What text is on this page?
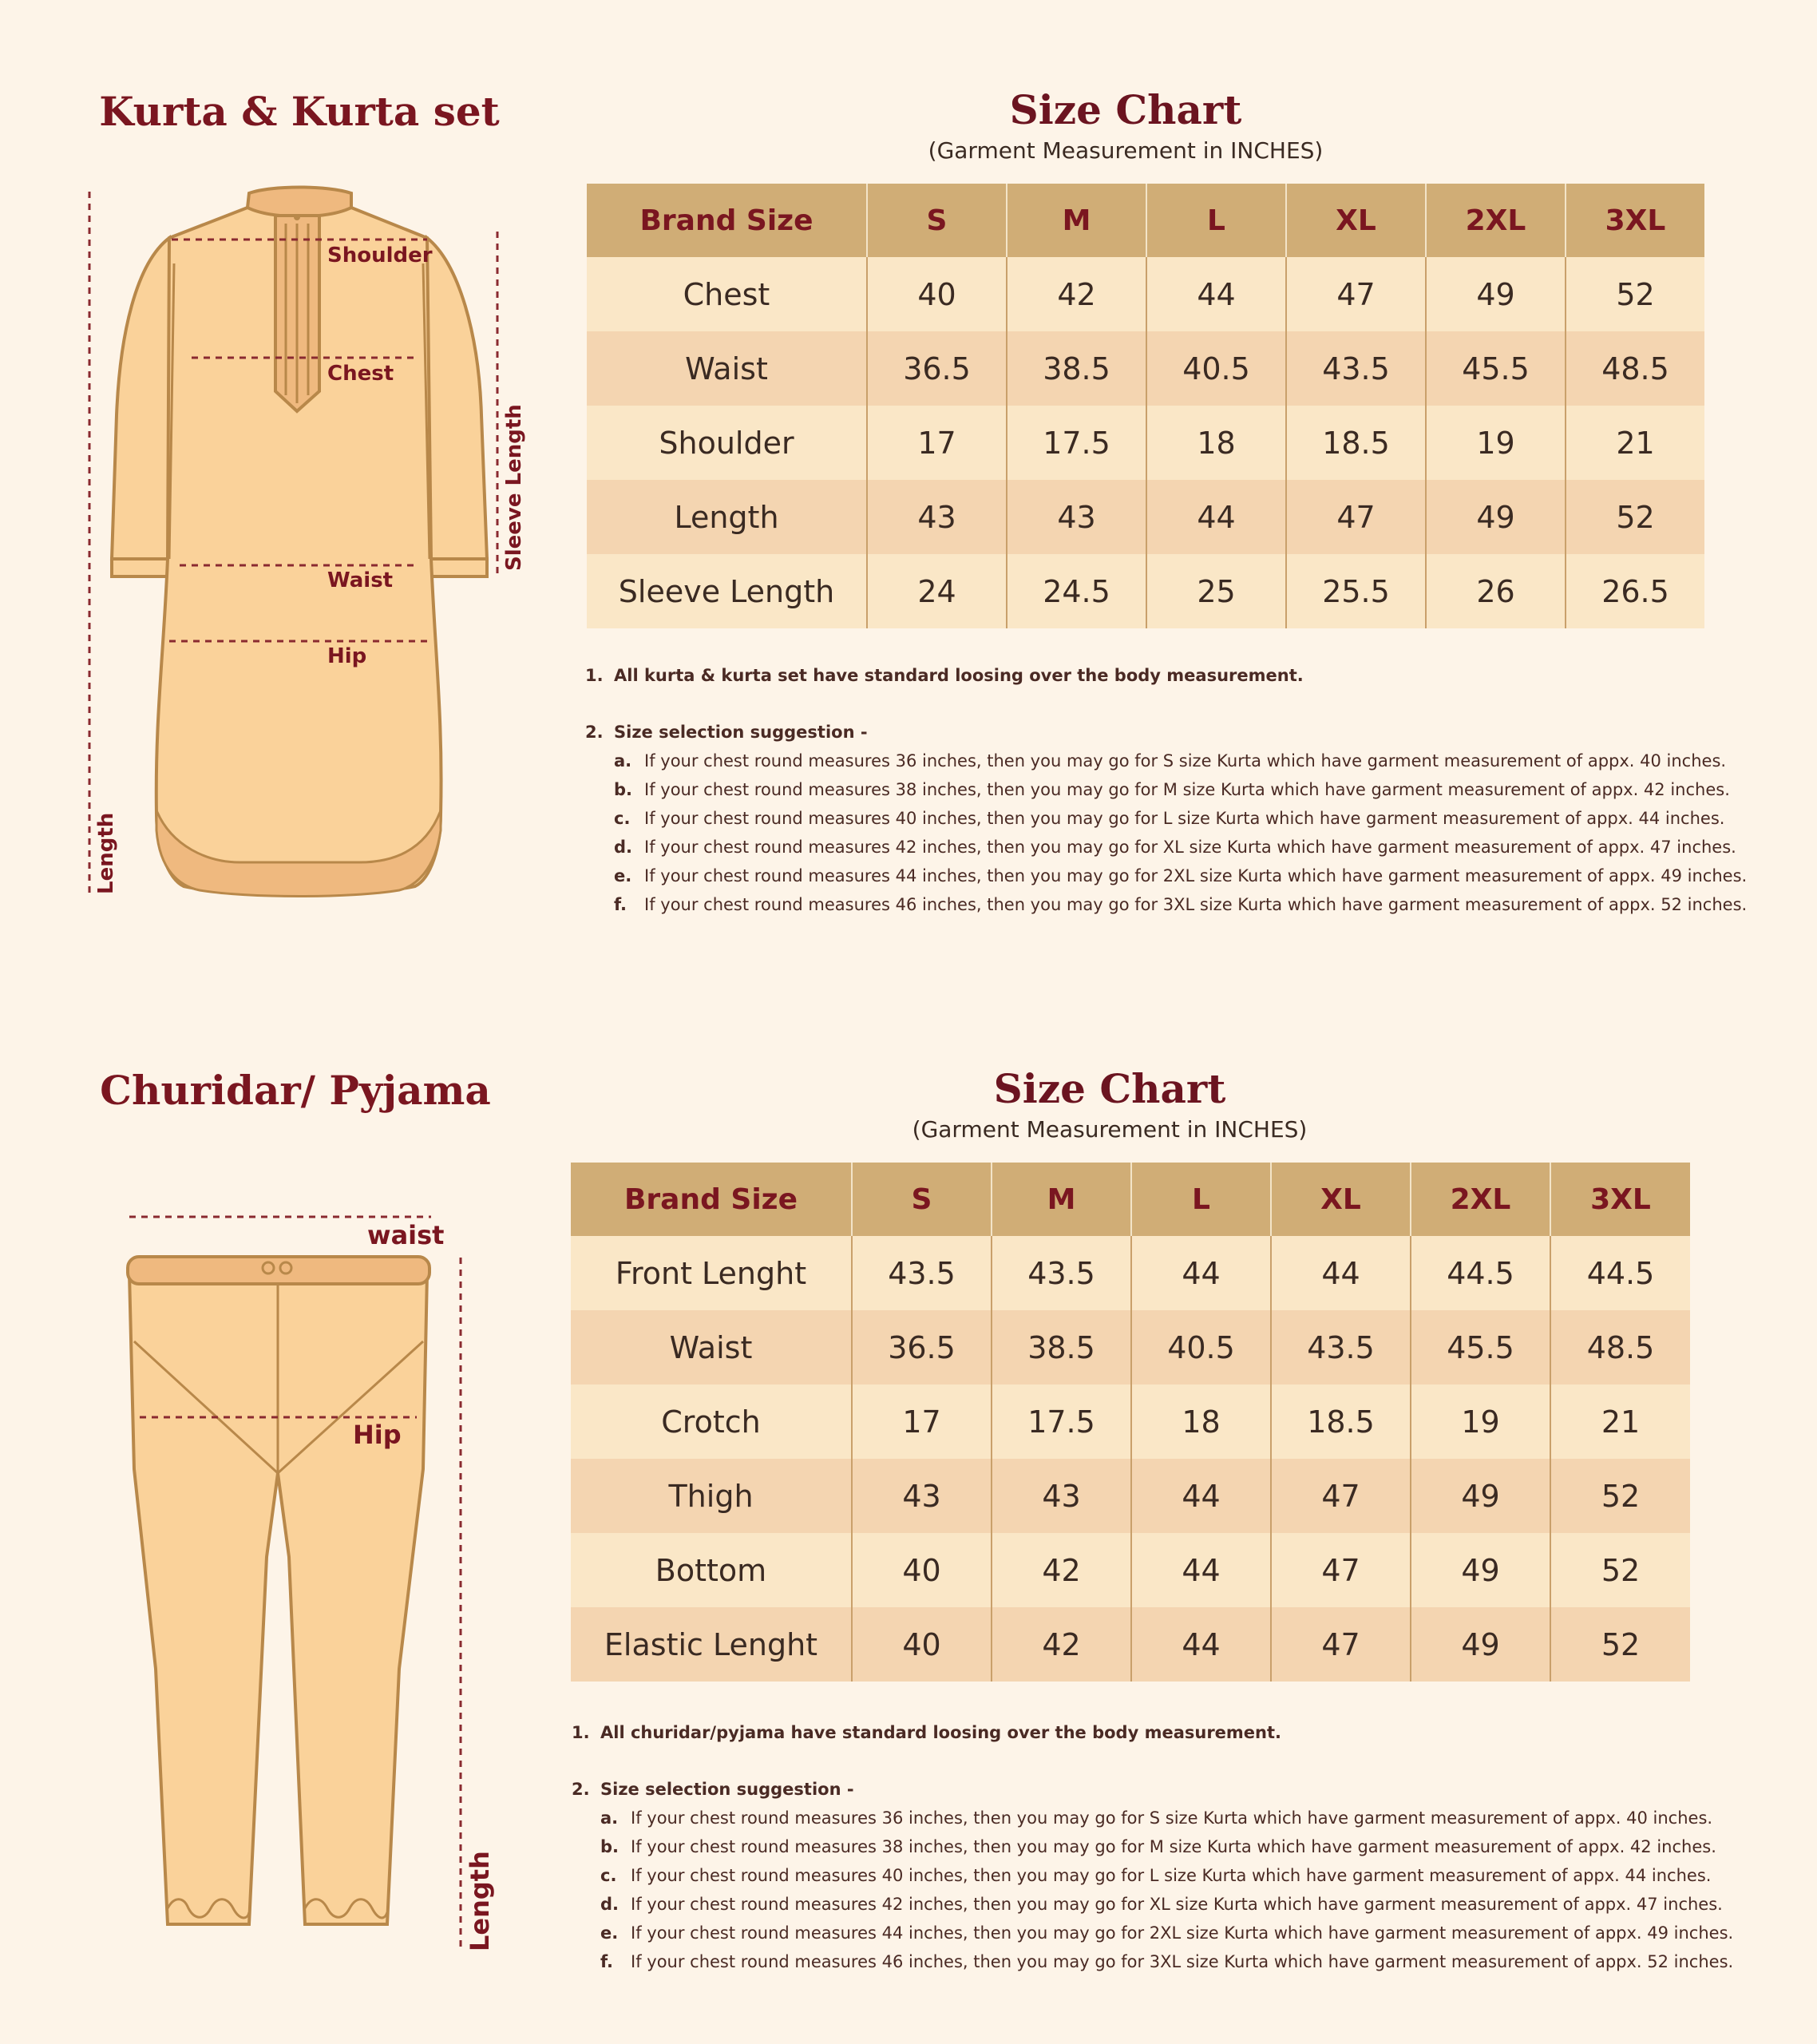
Kurta & Kurta set
Shoulder
Chest
Waist
Hip
Length
Sleeve Length
Size Chart
(Garment Measurement in INCHES)
Brand Size	S	M	L	XL	2XL	3XL
Chest	40	42	44	47	49	52
Waist	36.5	38.5	40.5	43.5	45.5	48.5
Shoulder	17	17.5	18	18.5	19	21
Length	43	43	44	47	49	52
Sleeve Length	24	24.5	25	25.5	26	26.5
1. All kurta & kurta set have standard loosing over the body measurement.
2. Size selection suggestion -
a. If your chest round measures 36 inches, then you may go for S size Kurta which have garment measurement of appx. 40 inches.
b. If your chest round measures 38 inches, then you may go for M size Kurta which have garment measurement of appx. 42 inches.
c. If your chest round measures 40 inches, then you may go for L size Kurta which have garment measurement of appx. 44 inches.
d. If your chest round measures 42 inches, then you may go for XL size Kurta which have garment measurement of appx. 47 inches.
e. If your chest round measures 44 inches, then you may go for 2XL size Kurta which have garment measurement of appx. 49 inches.
f.	If your chest round measures 46 inches, then you may go for 3XL size Kurta which have garment measurement of appx. 52 inches.
Churidar/ Pyjama
waist
Hip
Length
Size Chart
(Garment Measurement in INCHES)
Brand Size	S	M	L	XL	2XL	3XL
Front Lenght	43.5	43.5	44	44	44.5	44.5
Waist	36.5	38.5	40.5	43.5	45.5	48.5
Crotch	17	17.5	18	18.5	19	21
Thigh	43	43	44	47	49	52
Bottom	40	42	44	47	49	52
Elastic Lenght	40	42	44	47	49	52
1. All churidar/pyjama have standard loosing over the body measurement.
2. Size selection suggestion -
a. If your chest round measures 36 inches, then you may go for S size Kurta which have garment measurement of appx. 40 inches.
b. If your chest round measures 38 inches, then you may go for M size Kurta which have garment measurement of appx. 42 inches.
c. If your chest round measures 40 inches, then you may go for L size Kurta which have garment measurement of appx. 44 inches.
d. If your chest round measures 42 inches, then you may go for XL size Kurta which have garment measurement of appx. 47 inches.
e. If your chest round measures 44 inches, then you may go for 2XL size Kurta which have garment measurement of appx. 49 inches.
f.	If your chest round measures 46 inches, then you may go for 3XL size Kurta which have garment measurement of appx. 52 inches.
